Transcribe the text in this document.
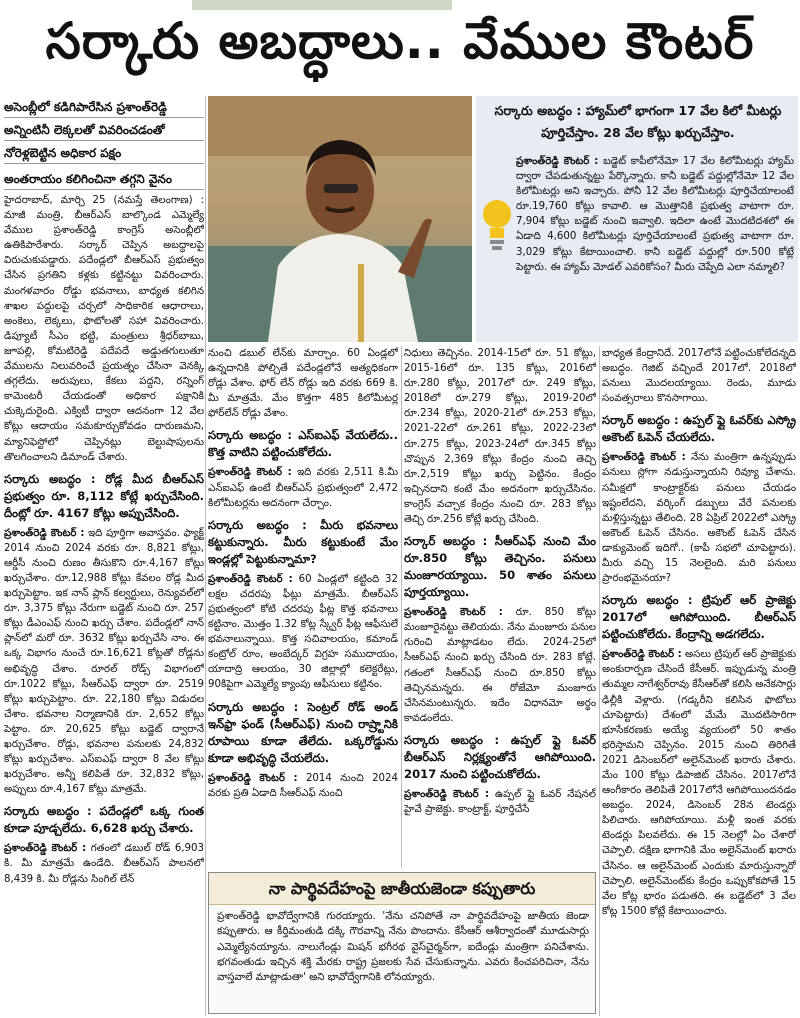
సర్కారు అబద్ధాలు.. వేముల కౌంటర్
అసెంబ్లీలో కడిగిపారేసిన ప్రశాంత్‌రెడ్డి
అన్నింటినీ లెక్కలతో వివరించడంతో
నోరెళ్లబెట్టిన అధికార పక్షం
అంతరాయం కలిగించినా తగ్గని వైనం

హైదరాబాద్, మార్చి 25 (నమస్తే తెలంగాణ) : మాజీ మంత్రి, బీఆర్‌ఎస్ బాల్కొండ ఎమ్మెల్యే వేముల ప్రశాంత్‌రెడ్డి కాంగ్రెస్ అసెంబ్లీలో ఉతికిపారేశారు. సర్కార్ చెప్పిన అబద్ధాలపై విరుచుకుపడ్డారు. పదేండ్లలో బీఆర్‌ఎస్ ప్రభుత్వం చేసిన ప్రగతిని కళ్లకు కట్టినట్టు వివరించారు. మంగళవారం రోడ్డు భవనాలు, బాధ్యత కలిగిన శాఖల పద్దులపై చర్చలో సాధికారిక ఆధారాలు, అంకెలు, లెక్కలు, ఫొటోలతో సహా వివరించారు. డిప్యూటీ సీఎం భట్టి, మంత్రులు శ్రీధర్‌బాబు, జూపల్లి, కోమటిరెడ్డి పదేపదే అడ్డుతగులుతూ వేములను నిలువరించే ప్రయత్నం చేసినా వెనక్కి తగ్గలేదు. అరుపులు, కేకలు పద్దని, రన్నింగ్ కామెంటరీ చేయడంతో అధికార పక్షానికి చుక్కెదురైంది. ఎక్విటీ ద్వారా ఆదనంగా 12 వేల కోట్లు ఆదాయం సమకూర్చుకోవడం దారుణమని, మ్యానిఫెస్టోలో చెప్పినట్లు బెల్టుషాపులను తొలగించాలని డిమాండ్ చేశారు.

సర్కారు అబద్ధం : రోడ్ల మీద బీఆర్‌ఎస్ ప్రభుత్వం రూ. 8,112 కోట్లే ఖర్చుచేసింది. దీంట్లో రూ. 4167 కోట్లు అప్పుచేసింది.

ప్రశాంత్‌రెడ్డి కౌంటర్ : ఇది పూర్తిగా అవాస్తవం. ఫ్యాక్ట్ 2014 నుంచి 2024 వరకు రూ. 8,821 కోట్లు, ఆర్డీసీ నుంచి రుణం తీసుకొని రూ.4,167 కోట్లు ఖర్చుచేశాం. రూ.12,988 కోట్లు కేవలం రోడ్ల మీద ఖర్చుపెట్టాం. ఇక నాన్ ప్లాన్ కల్వర్టులు, రెన్యువల్‌లో రూ. 3,375 కోట్లు నేరుగా బడ్జెట్ నుంచి రూ. 257 కోట్లు డీఎంఎఫ్ నుంచి ఖర్చు చేశాం. పదేండ్లలో నాన్ ప్లాన్‌లో మరో రూ. 3632 కోట్లు ఖర్చుచేసి నాం. ఈ ఒక్క విభాగం నుంచే రూ.16,621 కోట్లతో రోడ్లను అభివృద్ధి చేశాం. రూరల్ రోడ్స్ విభాగంలో రూ.1022 కోట్లు, సీఆర్‌ఎఫ్ ద్వారా రూ. 2519 కోట్లు ఖర్చుపెట్టాం. రూ. 22,180 కోట్లు విడుదల చేశాం. భవనాల నిర్మాణానికి రూ. 2,652 కోట్లు పెట్టాం. రూ. 20,625 కోట్లు బడ్జెట్ ద్వారానే ఖర్చుచేశాం. రోడ్లు, భవనాల పనులకు 24,832 కోట్లు ఖర్చుచేశాం. ఎస్ఐఎఫ్ ద్వారా 8 వేల కోట్లు ఖర్చుచేశాం. అన్నీ కలిపితే రూ. 32,832 కోట్లు, అప్పులు రూ.4,167 కోట్లు మాత్రమే.

సర్కారు అబద్ధం : పదేండ్లలో ఒక్క గుంత కూడా పూడ్చలేదు. 6,628 ఖర్చు చేశారు.

ప్రశాంత్‌రెడ్డి కౌంటర్ : గతంలో డబుల్ రోడ్ 6,903 కి. మీ మాత్రమే ఉండేది. బీఆర్‌ఎస్ పాలనలో 8,439 కి. మీ రోడ్లను సింగిల్ లేన్

సర్కారు అబద్ధం : హ్యామ్‌లో భాగంగా 17 వేల కిలో మీటర్లు పూర్తిచేస్తాం. 28 వేల కోట్లు ఖర్చుచేస్తాం.
ప్రశాంత్‌రెడ్డి కౌంటర్ : బడ్జెట్ కాపీలోనేమో 17 వేల కిలోమీటర్లు హ్యామ్ ద్వారా చేపడుతున్నట్టు పేర్కొన్నారు. కానీ బడ్జెట్ పద్దుల్లోనేమో 12 వేల కిలోమీటర్లు అని ఇచ్చారు. పోనీ 12 వేల కిలోమీటర్లు పూర్తిచేయాలంటే రూ.19,760 కోట్లు కావాలి. ఆ మొత్తానికి ప్రభుత్వ వాటాగా రూ. 7,904 కోట్లు బడ్జెట్ నుంచి ఇవ్వాలి. ఇదిలా ఉంటే మొదటిదశలో ఈ ఏడాది 4,600 కిలోమీటర్లు పూర్తిచేయాలంటే ప్రభుత్వ వాటాగా రూ. 3,029 కోట్లు కేటాయించాలి. కానీ బడ్జెట్ పద్దుల్లో రూ.500 కోట్లే పెట్టారు. ఈ హ్యామ్ మోడల్ ఎవరికోసం? మీరు చెప్పేది ఎలా నమ్మాలి?

నుంచి డబుల్ లేన్‌కు మార్చాం. 60 ఏండ్లలో ఉన్నదానికి పోల్చితే పదేండ్లలోనే అత్యధికంగా రోడ్లు వేశాం. ఫోర్ లేన్ రోడ్లు ఇది వరకు 669 కి. మీ మాత్రమే. మేం కొత్తగా 485 కిలోమీటర్ల ఫోర్‌లేన్ రోడ్లు వేశాం.

సర్కారు అబద్ధం : ఎస్ఐఎఫ్ వేయలేదు.. కొత్త వాటిని పట్టించుకోలేదు.

ప్రశాంత్‌రెడ్డి కౌంటర్ : ఇది వరకు 2,511 కి.మీ ఎన్ఐఎఫ్ ఉంటే బీఆర్‌ఎస్ ప్రభుత్వంలో 2,472 కిలోమీటర్లను అదనంగా చేర్చాం.

సర్కారు అబద్ధం : మీరు భవనాలు కట్టుకున్నారు. మీరు కట్టుకుంటే మేం ఇండ్లల్లో పెట్టుకున్నామా?

ప్రశాంత్‌రెడ్డి కౌంటర్ : 60 ఏండ్లలో కట్టింది 32 లక్షల చదరపు ఫీట్లు మాత్రమే. బీఆర్‌ఎస్ ప్రభుత్వంలో కోటి చదరపు ఫీట్ల కొత్త భవనాలు కట్టినాం. మొత్తం 1.32 కోట్ల స్క్వేర్ ఫీట్ల ఆఫీసులే భవనాలున్నాయి. కొత్త సచివాలయం, కమాండ్ కంట్రోల్ రూం, అంబేద్కర్ విగ్రహ సముదాయం, యాదాద్రి ఆలయం, 30 జిల్లాల్లో కలెక్టరేట్లు, 90కిపైగా ఎమ్మెల్యే క్యాంపు ఆఫీసులు కట్టినం.

సర్కారు అబద్ధం : సెంట్రల్ రోడ్ అండ్ ఇన్‌ఫ్రా ఫండ్ (సీఆర్‌ఎఫ్) నుంచి రాష్ర్టానికి రూపాయి కూడా తేలేదు. ఒక్కరోడ్డును కూడా అభివృద్ధి చేయలేదు.

ప్రశాంత్‌రెడ్డి కౌంటర్ : 2014 నుంచి 2024 వరకు ప్రతి ఏడాది సీఆర్‌ఎఫ్ నుంచి

నిధులు తెచ్చినం. 2014-15లో రూ. 51 కోట్లు, 2015-16లో రూ. 135 కోట్లు, 2016లో రూ.280 కోట్లు, 2017లో రూ. 249 కోట్లు, 2018లో రూ.279 కోట్లు, 2019-20లో రూ.234 కోట్లు, 2020-21లో రూ.253 కోట్లు, 2021-22లో రూ.261 కోట్లు, 2022-23లో రూ.275 కోట్లు, 2023-24లో రూ.345 కోట్లు చొప్పున 2,369 కోట్లు కేంద్రం నుంచి తెచ్చి రూ.2,519 కోట్లు ఖర్చు పెట్టినం. కేంద్రం ఇచ్చినదాని కంటే మేం అదనంగా ఖర్చుచేసినం. కాంగ్రెస్ వచ్చాక కేంద్రం నుంచి రూ. 283 కోట్లు తెచ్చి రూ.256 కోట్లే ఖర్చు చేసింది.

సర్కార్ అబద్ధం : సీఆర్‌ఎఫ్ నుంచి మేం రూ.850 కోట్లు తెచ్చినం. పనులు మంజూరయ్యాయి. 50 శాతం పనులు పూర్తయ్యాయి.

ప్రశాంత్‌రెడ్డి కౌంటర్ : రూ. 850 కోట్లు మంజూరైనట్టు తెలియదు. నేను మంజూరు పనుల గురించి మాట్లాడటం లేదు. 2024-25లో సీఆర్‌ఎఫ్ నుంచి ఖర్చు చేసింది రూ. 283 కోట్లే. గతంలో సీఆర్‌ఎఫ్ నుంచి రూ.850 కోట్లు తెచ్చినమన్నరు. ఈ రోజేమో మంజూరు చేసినమంటున్నరు. ఇదేం విధానమో అర్థం కావడంలేదు.

సర్కారు అబద్ధం : ఉప్పల్ ఫ్లై ఓవర్ బీఆర్‌ఎస్ నిర్లక్ష్యంతోనే ఆగిపోయింది. 2017 నుంచి పట్టించుకోలేదు.

ప్రశాంత్‌రెడ్డి కౌంటర్ : ఉప్పల్ ఫ్లై ఓవర్ నేషనల్ హైవే ప్రాజెక్టు. కాంట్రాక్ట్, పూర్తిచేసే

బాధ్యత కేంద్రానిదే. 2017లోనే పట్టించుకోలేదన్నది అబద్ధం. గెజిట్ వచ్చిందే 2017లో. 2018లో పనులు మొదలయ్యాయి. రెండు, మూడు సంవత్సరాలు కొనసాగాయి.

సర్కార్ అబద్ధం : ఉప్పల్ ఫ్లై ఓవర్‌కు ఎస్క్రో అకౌంట్ ఓపెన్ చేయలేదు.

ప్రశాంత్‌రెడ్డి కౌంటర్ : నేను మంత్రిగా ఉన్నప్పుడు పనులు స్లోగా నడుస్తున్నాయని రివ్యూ చేశాను. సమీక్షలో కాంట్రాక్టర్‌కు పనులు చేయడం ఇష్టంలేదని, వర్కింగ్ డబ్బులు వేరే పనులకు మళ్లిస్తున్నట్టు తేలింది. 28 ఏప్రిల్ 2022లో ఎస్క్రో అకౌంట్ ఓపెన్ చేసినం. అకౌంట్ ఓపెన్ చేసిన డాక్యుమెంట్ ఇదిగో.. (కాపీ సభలో చూపెట్టారు). మీరు వచ్చి 15 నెలలైంది. మరి పనులు ప్రారంభమైనయా?

సర్కారు అబద్ధం : ట్రిపుల్ ఆర్ ప్రాజెక్టు 2017లో ఆగిపోయింది. బీఆర్‌ఎస్ పట్టించుకోలేదు. కేంద్రాన్ని అడగలేదు.

ప్రశాంత్‌రెడ్డి కౌంటర్ : అసలు ట్రిపుల్ ఆర్ ప్రాజెక్టుకు అంకురార్పణ చేసిందే కేసీఆర్. ఇప్పుడున్న మంత్రి తుమ్మల నాగేశ్వర్‌రావు కేసీఆర్‌తో కలిసి అనేకసార్లు ఢిల్లీకి వెళ్లారు. (గడ్కరీని కలిసిన ఫొటోలు చూపెట్టారు) దేశంలో మేమే మొదటిసారిగా భూసేకరణకు అయ్యే వ్యయంలో 50 శాతం భరిస్తామని చెప్పినం. 2015 నుంచి తిరిగితే 2021 డిసెంబర్‌లో అలైన్‌మెంట్ ఖరారు చేశారు. మేం 100 కోట్లు డిపాజిట్ చేసినం. 2017లోనే ఆంగీకారం తెలిపితే 2017లోనే ఆగిపోయిందనడం అబద్ధం. 2024, డిసెంబర్ 28న టెండర్లు పిలిచారు. ఆగిపోయాయి. మళ్లీ ఇంత వరకు టెండర్లు పిలవలేదు. ఈ 15 నెలల్లో ఏం చేశారో చెప్పాలి. దక్షిణ భాగానికి మేం అలైన్‌మెంట్ ఖరారు చేసినం. ఆ అలైన్‌మెంట్ ఎందుకు మారుస్తున్నారో చెప్పాలి. అలైన్‌మెంట్‌కు కేంద్రం ఒప్పుకోకపోతే 15 వేల కోట్ల భారం పడుతది. ఈ బడ్జెట్‌లో 3 వేల కోట్ల 1500 కోట్లే కేటాయించారు.

నా పార్థివదేహంపై జాతీయజెండా కప్పుతారు
ప్రశాంత్‌రెడ్డి భావోద్వేగానికి గురయ్యారు. 'నేను చనిపోతే నా పార్థివదేహంపై జాతీయ జెండా కప్పుతారు. ఆ కీర్తిమంతుడి దక్కి గౌరవాన్ని నేను పొందాను. కేసీఆర్ ఆశీర్వాదంతో మూడుసార్లు ఎమ్మెల్యేనయ్యాను. నాలుగేండ్లు మిషన్ భగీరథ వైస్‌చైర్మన్‌గా, ఐదేండ్లు మంత్రిగా పనిచేశాను. భగవంతుడు ఇచ్చిన శక్తి మేరకు రాష్ట్ర ప్రజలకు సేవ చేసుకున్నాను. ఎవరు కించపరిచినా, నేను వాస్తవాలే మాట్లాడుతా' అని భావోద్వేగానికి లోనయ్యారు.
